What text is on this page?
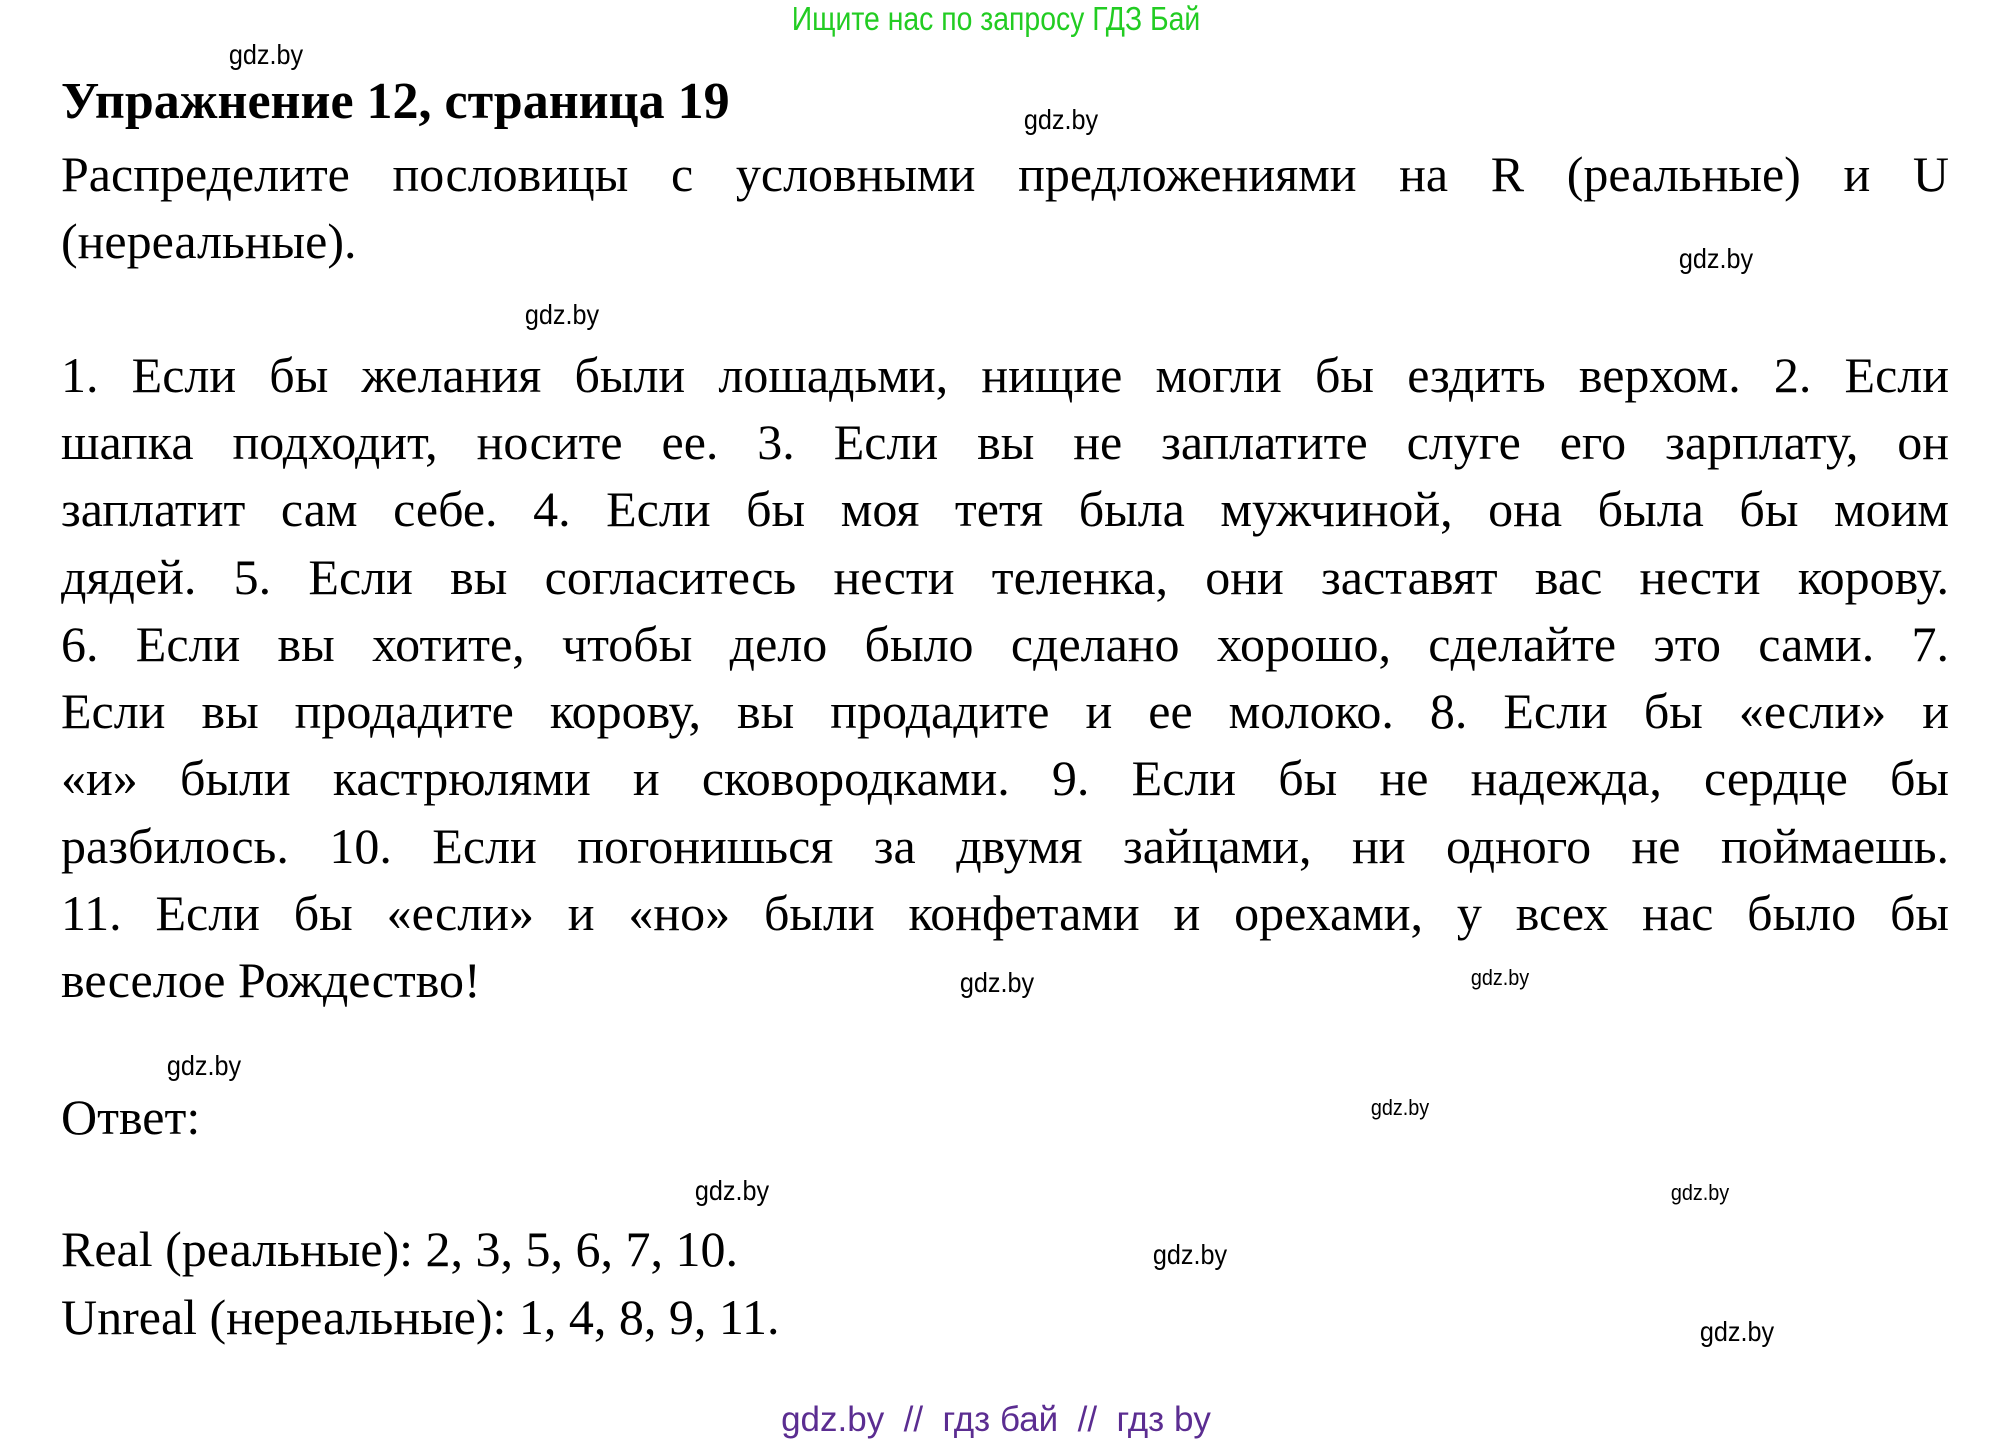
Ищите нас по запросу ГДЗ Бай
Упражнение 12, страница 19
Распределите пословицы с условными предложениями на R (реальные) и U
(нереальные).
1. Если бы желания были лошадьми, нищие могли бы ездить верхом. 2. Если
шапка подходит, носите ее. 3. Если вы не заплатите слуге его зарплату, он
заплатит сам себе. 4. Если бы моя тетя была мужчиной, она была бы моим
дядей. 5. Если вы согласитесь нести теленка, они заставят вас нести корову.
6. Если вы хотите, чтобы дело было сделано хорошо, сделайте это сами. 7.
Если вы продадите корову, вы продадите и ее молоко. 8. Если бы «если» и
«и» были кастрюлями и сковородками. 9. Если бы не надежда, сердце бы
разбилось. 10. Если погонишься за двумя зайцами, ни одного не поймаешь.
11. Если бы «если» и «но» были конфетами и орехами, у всех нас было бы
веселое Рождество!
Ответ:
Real (реальные): 2, 3, 5, 6, 7, 10.
Unreal (нереальные): 1, 4, 8, 9, 11.
gdz.by
gdz.by
gdz.by
gdz.by
gdz.by
gdz.by
gdz.by
gdz.by
gdz.by
gdz.by
gdz.by
gdz.by
gdz.by  //  гдз бай  //  гдз by
